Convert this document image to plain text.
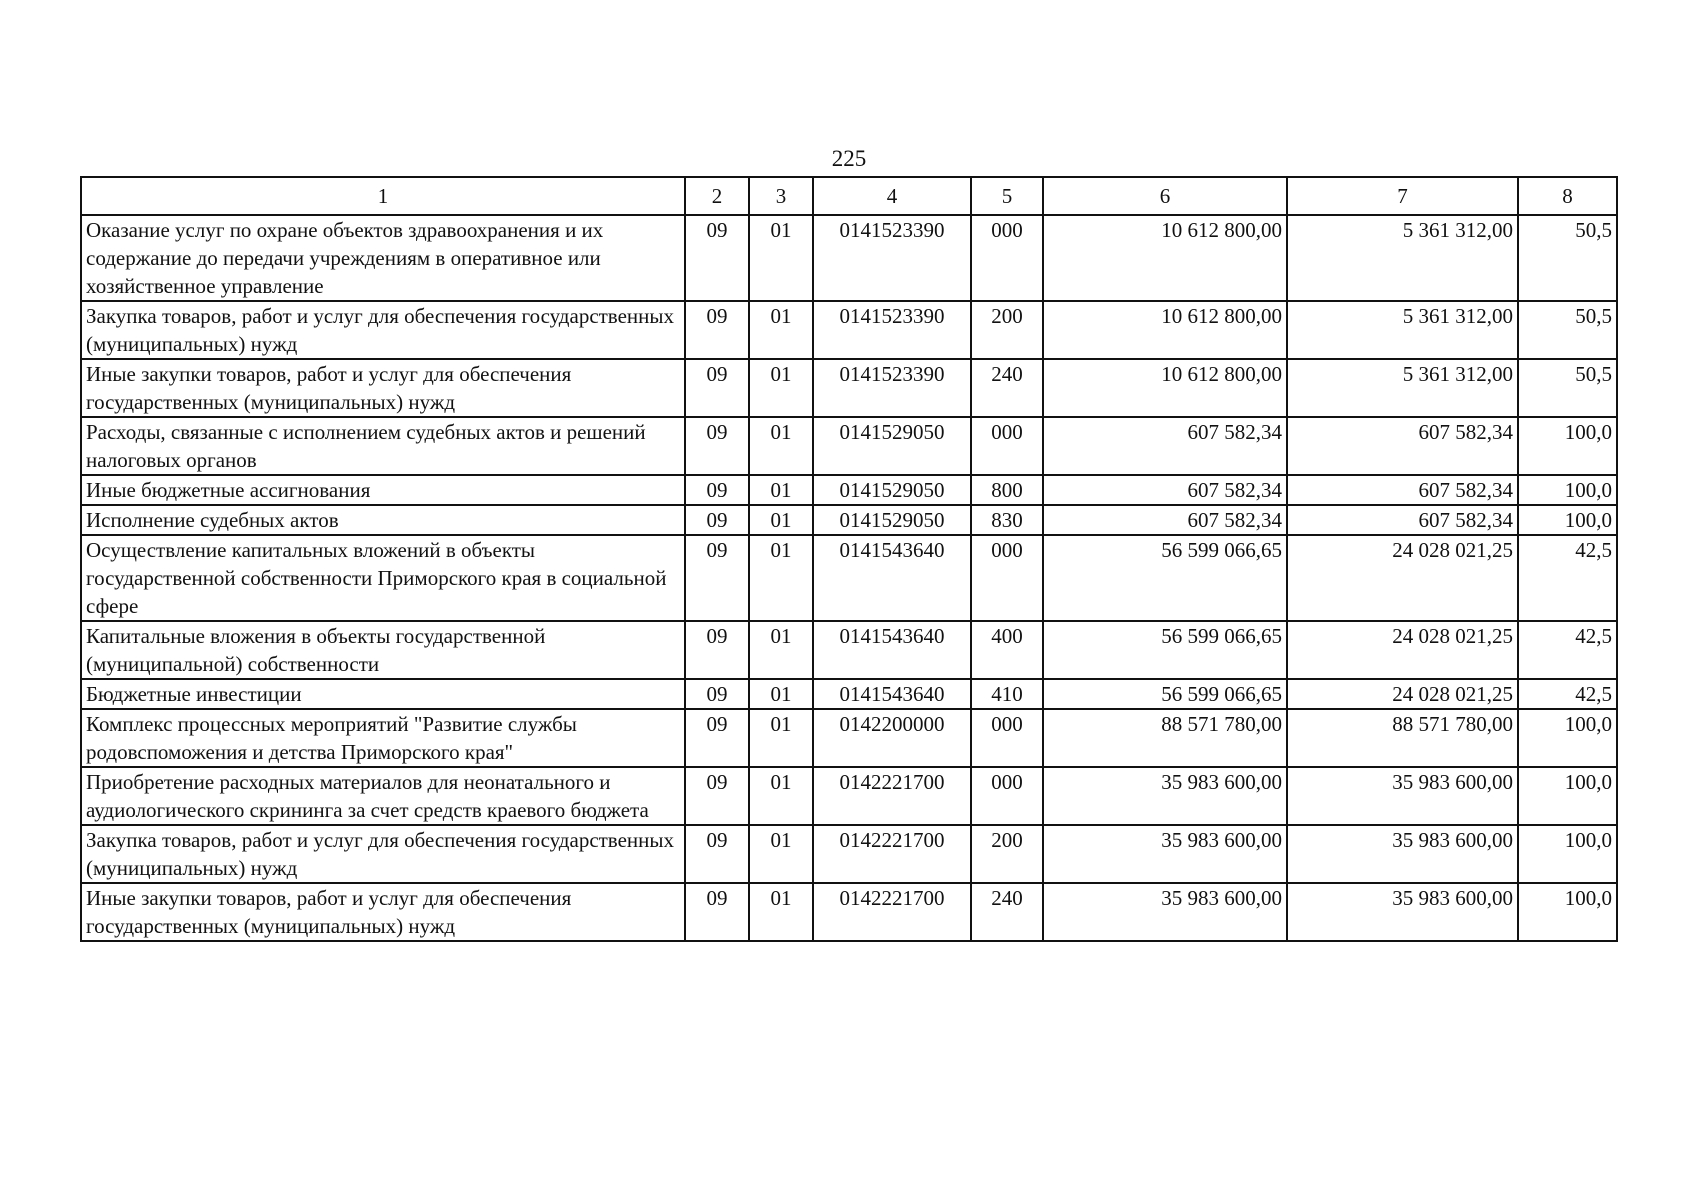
225
1	2	3	4	5	6	7	8
Оказание услуг по охране объектов здравоохранения и их содержание до передачи учреждениям в оперативное или хозяйственное управление	09	01	0141523390	000	10 612 800,00	5 361 312,00	50,5
Закупка товаров, работ и услуг для обеспечения государственных (муниципальных) нужд	09	01	0141523390	200	10 612 800,00	5 361 312,00	50,5
Иные закупки товаров, работ и услуг для обеспечения государственных (муниципальных) нужд	09	01	0141523390	240	10 612 800,00	5 361 312,00	50,5
Расходы, связанные с исполнением судебных актов и решений налоговых органов	09	01	0141529050	000	607 582,34	607 582,34	100,0
Иные бюджетные ассигнования	09	01	0141529050	800	607 582,34	607 582,34	100,0
Исполнение судебных актов	09	01	0141529050	830	607 582,34	607 582,34	100,0
Осуществление капитальных вложений в объекты государственной собственности Приморского края в социальной сфере	09	01	0141543640	000	56 599 066,65	24 028 021,25	42,5
Капитальные вложения в объекты государственной (муниципальной) собственности	09	01	0141543640	400	56 599 066,65	24 028 021,25	42,5
Бюджетные инвестиции	09	01	0141543640	410	56 599 066,65	24 028 021,25	42,5
Комплекс процессных мероприятий "Развитие службы родовспоможения и детства Приморского края"	09	01	0142200000	000	88 571 780,00	88 571 780,00	100,0
Приобретение расходных материалов для неонатального и аудиологического скрининга за счет средств краевого бюджета	09	01	0142221700	000	35 983 600,00	35 983 600,00	100,0
Закупка товаров, работ и услуг для обеспечения государственных (муниципальных) нужд	09	01	0142221700	200	35 983 600,00	35 983 600,00	100,0
Иные закупки товаров, работ и услуг для обеспечения государственных (муниципальных) нужд	09	01	0142221700	240	35 983 600,00	35 983 600,00	100,0
